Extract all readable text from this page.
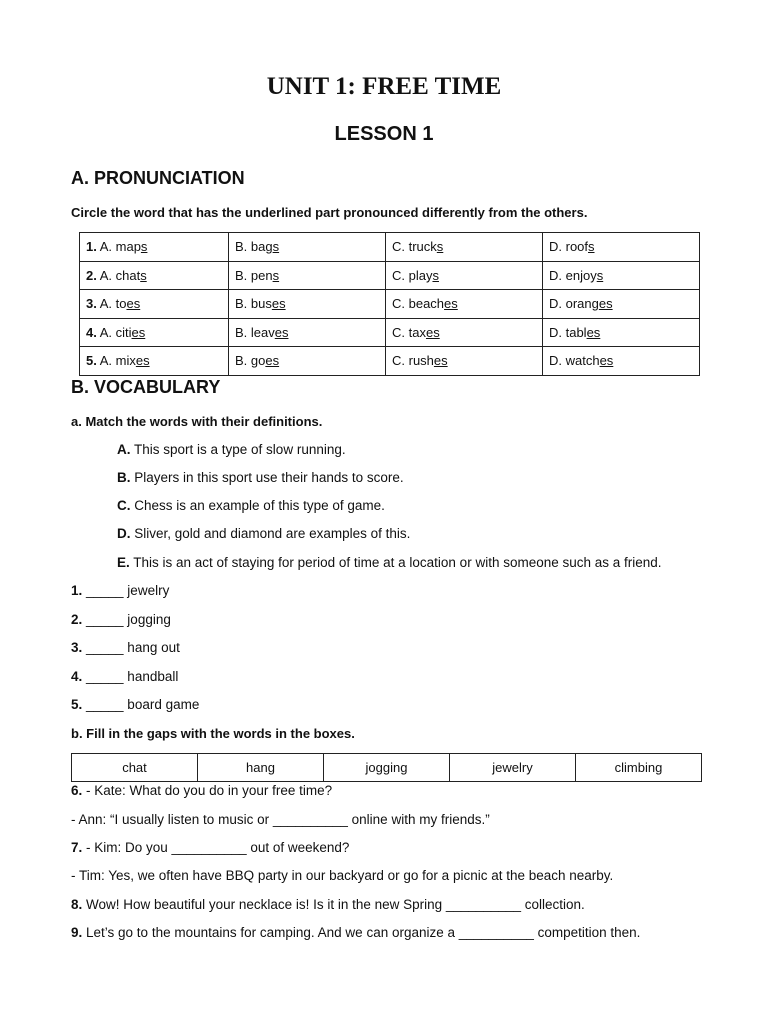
UNIT 1: FREE TIME
LESSON 1
A. PRONUNCIATION
Circle the word that has the underlined part pronounced differently from the others.
1. A. maps	B. bags	C. trucks	D. roofs
2. A. chats	B. pens	C. plays	D. enjoys
3. A. toes	B. buses	C. beaches	D. oranges
4. A. cities	B. leaves	C. taxes	D. tables
5. A. mixes	B. goes	C. rushes	D. watches
B. VOCABULARY
a. Match the words with their definitions.
A. This sport is a type of slow running.
B. Players in this sport use their hands to score.
C. Chess is an example of this type of game.
D. Sliver, gold and diamond are examples of this.
E. This is an act of staying for period of time at a location or with someone such as a friend.
1. _____ jewelry
2. _____ jogging
3. _____ hang out
4. _____ handball
5. _____ board game
b. Fill in the gaps with the words in the boxes.
chat	hang	jogging	jewelry	climbing
6. - Kate: What do you do in your free time?
- Ann: “I usually listen to music or __________ online with my friends.”
7. - Kim: Do you __________ out of weekend?
- Tim: Yes, we often have BBQ party in our backyard or go for a picnic at the beach nearby.
8. Wow! How beautiful your necklace is! Is it in the new Spring __________ collection.
9. Let’s go to the mountains for camping. And we can organize a __________ competition then.
